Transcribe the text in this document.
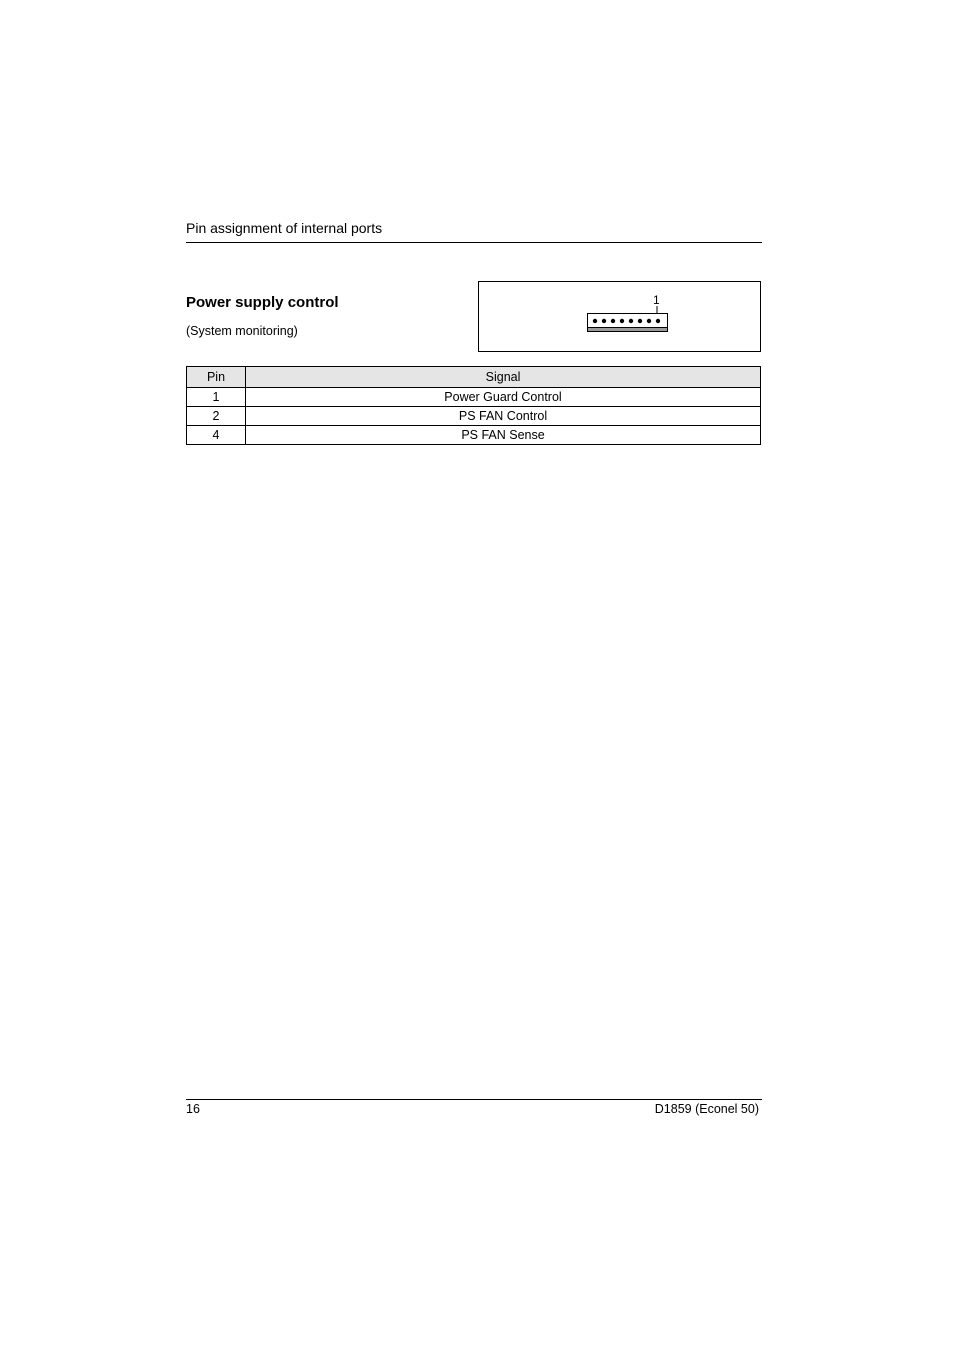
Pin assignment of internal ports
Power supply control
(System monitoring)
1
Pin	Signal
1	Power Guard Control
2	PS FAN Control
4	PS FAN Sense
16	D1859 (Econel 50)
